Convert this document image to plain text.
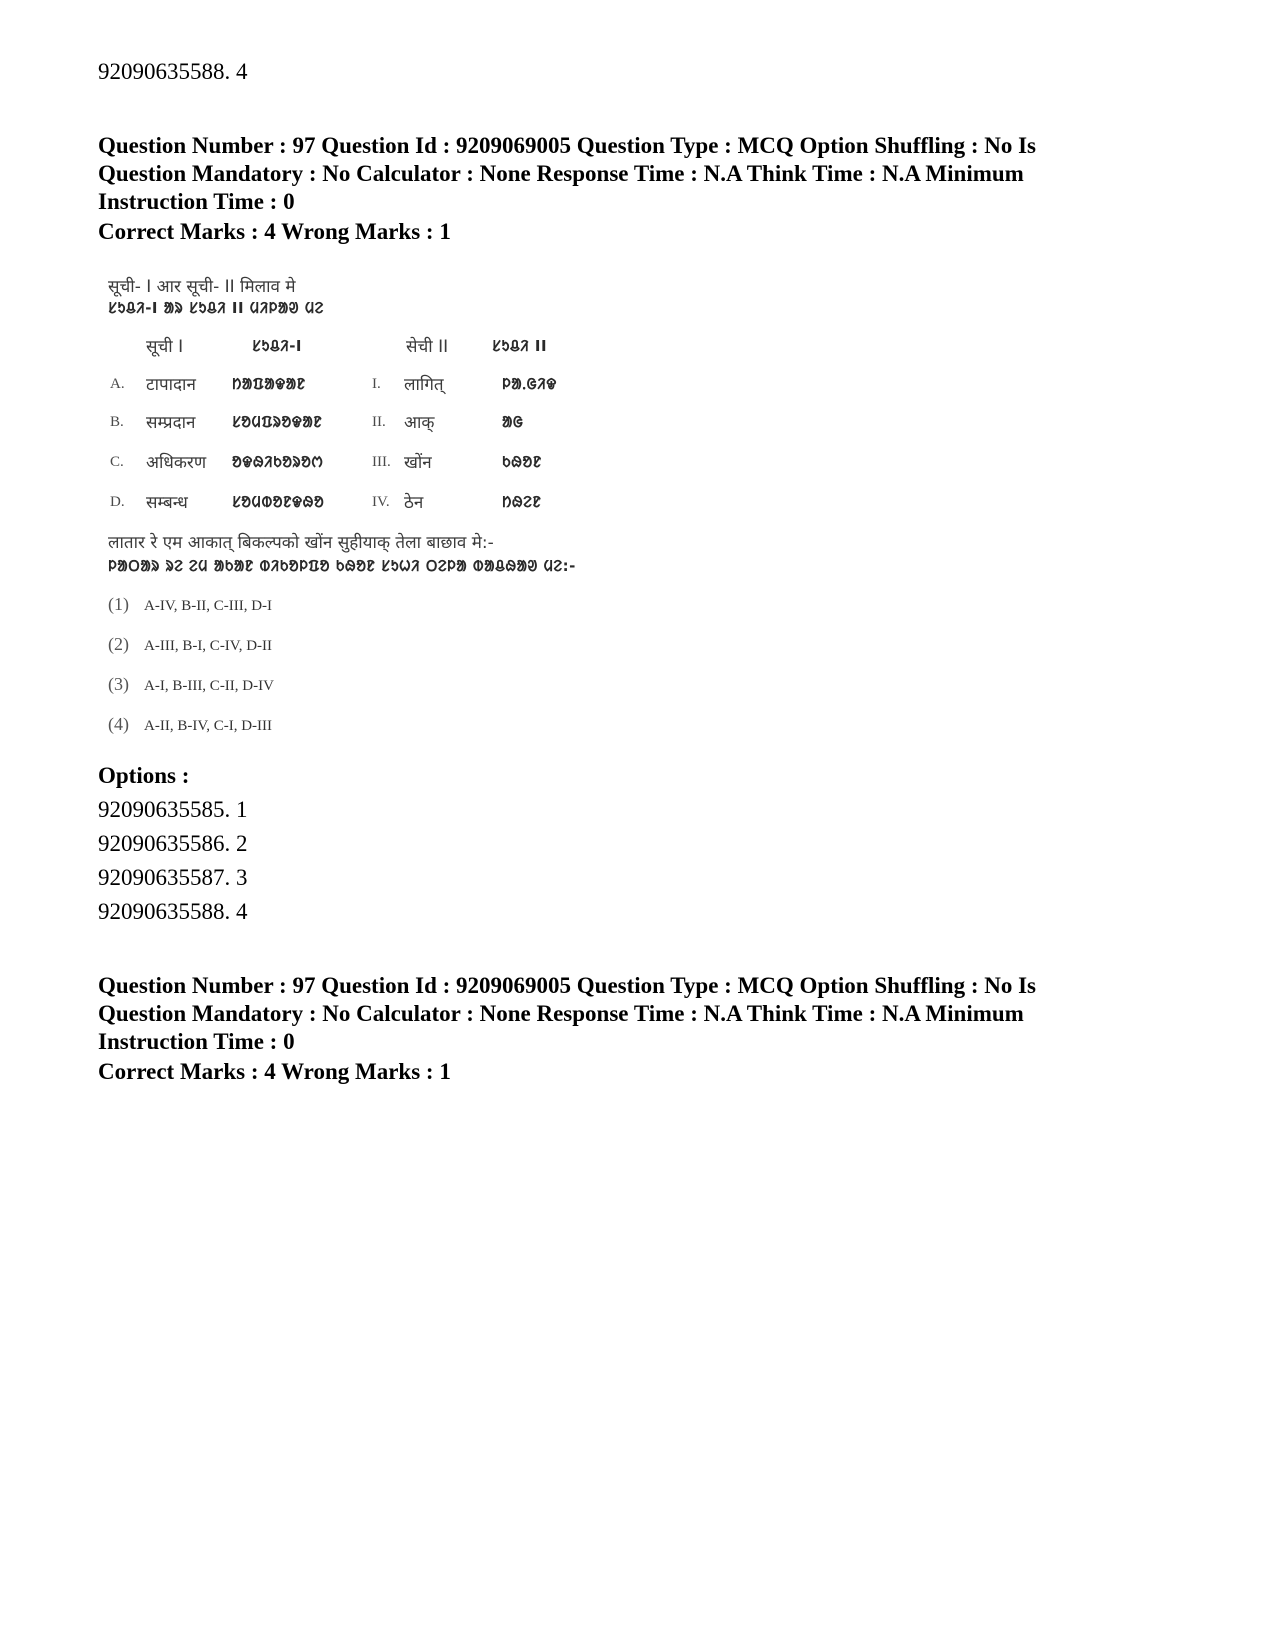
92090635588. 4
Question Number : 97 Question Id : 9209069005 Question Type : MCQ Option Shuffling : No Is
Question Mandatory : No Calculator : None Response Time : N.A Think Time : N.A Minimum
Instruction Time : 0
Correct Marks : 4 Wrong Marks : 1
सूची- I आर सूची- II मिलाव मे
ᱥᱩᱪᱤ-I ᱟᱨ ᱥᱩᱪᱤ II ᱢᱤᱞᱟᱣ ᱢᱮ
सूची I	ᱥᱩᱪᱤ-I	सेची II	ᱥᱩᱪᱤ II
A. टापादान ᱴᱟᱯᱟᱫᱟᱱ	I. लागित्	ᱞᱟᱹᱜᱤᱫ
B. सम्प्रदान ᱥᱚᱢᱯᱨᱚᱫᱟᱱ	II. आक्	ᱟᱜ
C. अधिकरण ᱚᱫᱷᱤᱠᱚᱨᱚᱬ	III. खोंन	ᱠᱷᱚᱱ
D. सम्बन्ध	ᱥᱚᱢᱵᱚᱱᱫᱷᱚ	IV. ठेन	ᱴᱷᱮᱱ
लातार रे एम आकात् बिकल्पको खोंन सुहीयाक् तेला बाछाव मे:-
ᱞᱟᱛᱟᱨ ᱨᱮ ᱮᱢ ᱟᱠᱟᱱ ᱵᱤᱠᱚᱞᱯᱚ ᱠᱷᱚᱱ ᱥᱩᱦᱤ ᱛᱮᱞᱟ ᱵᱟᱪᱷᱟᱣ ᱢᱮ:-
(1) A-IV, B-II, C-III, D-I
(2) A-III, B-I, C-IV, D-II
(3) A-I, B-III, C-II, D-IV
(4) A-II, B-IV, C-I, D-III
Options :
92090635585. 1
92090635586. 2
92090635587. 3
92090635588. 4
Question Number : 97 Question Id : 9209069005 Question Type : MCQ Option Shuffling : No Is
Question Mandatory : No Calculator : None Response Time : N.A Think Time : N.A Minimum
Instruction Time : 0
Correct Marks : 4 Wrong Marks : 1
